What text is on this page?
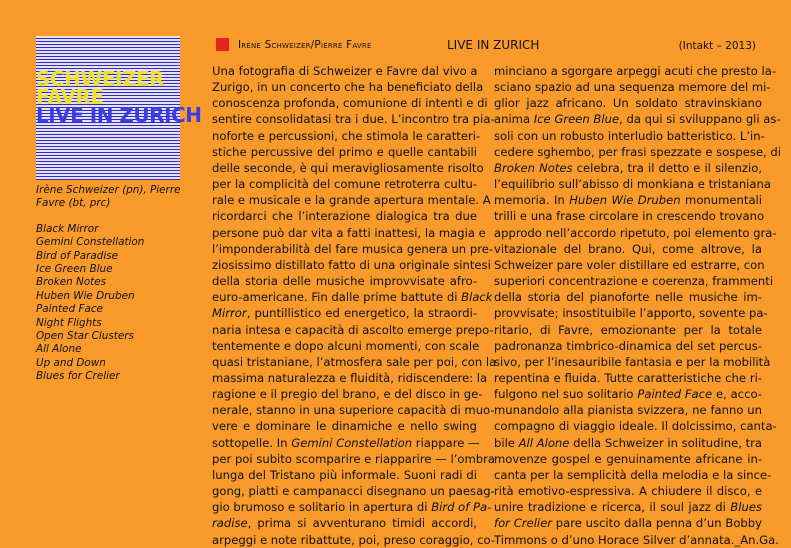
SCHWEIZER
FAVRE
LIVE IN ZURICH

Irène Schweizer (pn), Pierre Favre (bt, prc)

Black Mirror
Gemini Constellation
Bird of Paradise
Ice Green Blue
Broken Notes
Huben Wie Druben
Painted Face
Night Flights
Open Star Clusters
All Alone
Up and Down
Blues for Crelier
Irène Schweizer/Pierre Favre	LIVE IN ZURICH	(Intakt – 2013)
Una fotografia di Schweizer e Favre dal vivo a
Zurigo, in un concerto che ha beneficiato della
conoscenza profonda, comunione di intenti e di
sentire consolidatasi tra i due. L’incontro tra pia-
noforte e percussioni, che stimola le caratteri-
stiche percussive del primo e quelle cantabili
delle seconde, è qui meravigliosamente risolto
per la complicità del comune retroterra cultu-
rale e musicale e la grande apertura mentale. A
ricordarci che l’interazione dialogica tra due
persone può dar vita a fatti inattesi, la magia e
l’imponderabilità del fare musica genera un pre-
ziosissimo distillato fatto di una originale sintesi
della storia delle musiche improvvisate afro-
euro-americane. Fin dalle prime battute di Black
Mirror, puntillistico ed energetico, la straordi-
naria intesa e capacità di ascolto emerge prepo-
tentemente e dopo alcuni momenti, con scale
quasi tristaniane, l’atmosfera sale per poi, con la
massima naturalezza e fluidità, ridiscendere: la
ragione e il pregio del brano, e del disco in ge-
nerale, stanno in una superiore capacità di muo-
vere e dominare le dinamiche e nello swing
sottopelle. In Gemini Constellation riappare —
per poi subito scomparire e riapparire — l’ombra
lunga del Tristano più informale. Suoni radi di
gong, piatti e campanacci disegnano un paesag-
gio brumoso e solitario in apertura di Bird of Pa-
radise, prima si avventurano timidi accordi,
arpeggi e note ribattute, poi, preso coraggio, co-
minciano a sgorgare arpeggi acuti che presto la-
sciano spazio ad una sequenza memore del mi-
glior jazz africano. Un soldato stravinskiano
anima Ice Green Blue, da qui si sviluppano gli as-
soli con un robusto interludio batteristico. L’in-
cedere sghembo, per frasi spezzate e sospese, di
Broken Notes celebra, tra il detto e il silenzio,
l’equilibrio sull’abisso di monkiana e tristaniana
memoria. In Huben Wie Druben monumentali
trilli e una frase circolare in crescendo trovano
approdo nell’accordo ripetuto, poi elemento gra-
vitazionale del brano. Qui, come altrove, la
Schweizer pare voler distillare ed estrarre, con
superiori concentrazione e coerenza, frammenti
della storia del pianoforte nelle musiche im-
provvisate; insostituibile l’apporto, sovente pa-
ritario, di Favre, emozionante per la totale
padronanza timbrico-dinamica del set percus-
sivo, per l’inesauribile fantasia e per la mobilità
repentina e fluida. Tutte caratteristiche che ri-
fulgono nel suo solitario Painted Face e, acco-
munandolo alla pianista svizzera, ne fanno un
compagno di viaggio ideale. Il dolcissimo, canta-
bile All Alone della Schweizer in solitudine, tra
movenze gospel e genuinamente africane in-
canta per la semplicità della melodia e la since-
rità emotivo-espressiva. A chiudere il disco, e
unire tradizione e ricerca, il soul jazz di Blues
for Crelier pare uscito dalla penna d’un Bobby
Timmons o d’uno Horace Silver d’annata._An.Ga.
